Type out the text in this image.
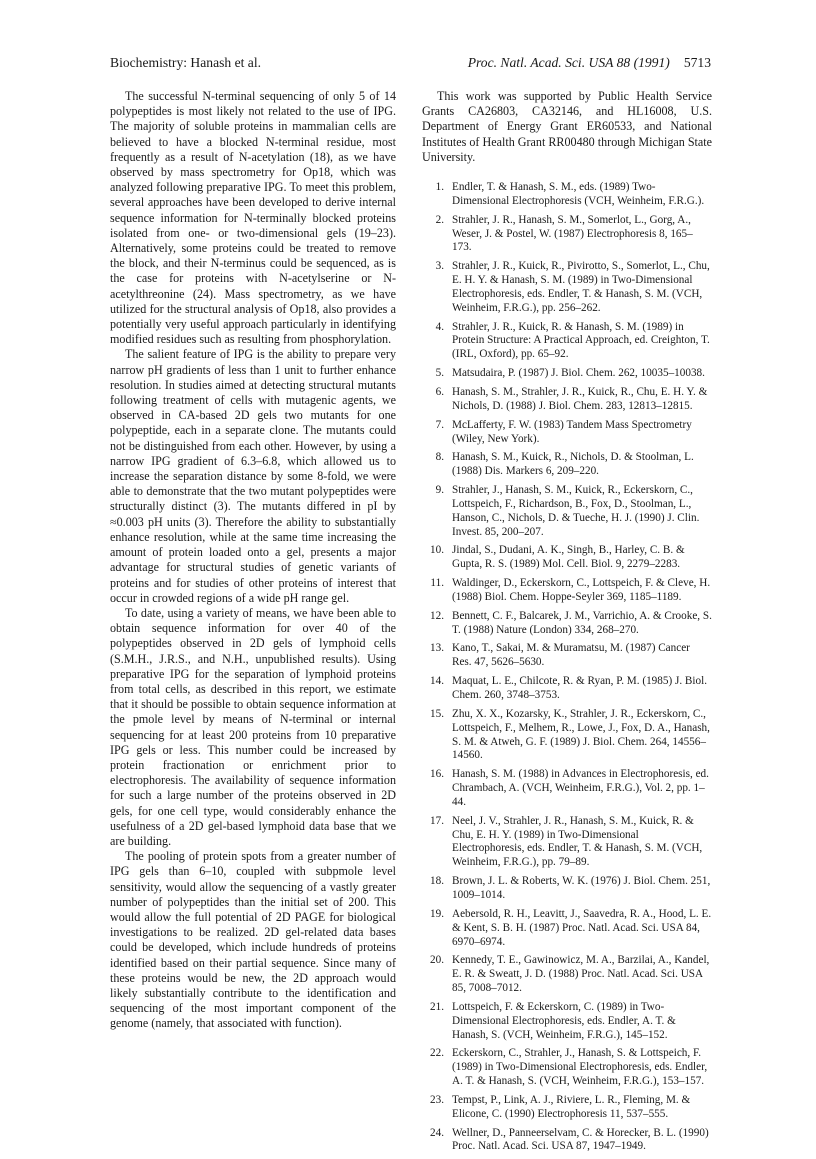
Biochemistry: Hanash et al.	Proc. Natl. Acad. Sci. USA 88 (1991) 5713

The successful N-terminal sequencing of only 5 of 14 polypeptides is most likely not related to the use of IPG. The majority of soluble proteins in mammalian cells are believed to have a blocked N-terminal residue, most frequently as a result of N-acetylation (18), as we have observed by mass spectrometry for Op18, which was analyzed following preparative IPG. To meet this problem, several approaches have been developed to derive internal sequence information for N-terminally blocked proteins isolated from one- or two-dimensional gels (19–23). Alternatively, some proteins could be treated to remove the block, and their N-terminus could be sequenced, as is the case for proteins with N-acetylserine or N-acetylthreonine (24). Mass spectrometry, as we have utilized for the structural analysis of Op18, also provides a potentially very useful approach particularly in identifying modified residues such as resulting from phosphorylation.

The salient feature of IPG is the ability to prepare very narrow pH gradients of less than 1 unit to further enhance resolution. In studies aimed at detecting structural mutants following treatment of cells with mutagenic agents, we observed in CA-based 2D gels two mutants for one polypeptide, each in a separate clone. The mutants could not be distinguished from each other. However, by using a narrow IPG gradient of 6.3–6.8, which allowed us to increase the separation distance by some 8-fold, we were able to demonstrate that the two mutant polypeptides were structurally distinct (3). The mutants differed in pI by ≈0.003 pH units (3). Therefore the ability to substantially enhance resolution, while at the same time increasing the amount of protein loaded onto a gel, presents a major advantage for structural studies of genetic variants of proteins and for studies of other proteins of interest that occur in crowded regions of a wide pH range gel.

To date, using a variety of means, we have been able to obtain sequence information for over 40 of the polypeptides observed in 2D gels of lymphoid cells (S.M.H., J.R.S., and N.H., unpublished results). Using preparative IPG for the separation of lymphoid proteins from total cells, as described in this report, we estimate that it should be possible to obtain sequence information at the pmole level by means of N-terminal or internal sequencing for at least 200 proteins from 10 preparative IPG gels or less. This number could be increased by protein fractionation or enrichment prior to electrophoresis. The availability of sequence information for such a large number of the proteins observed in 2D gels, for one cell type, would considerably enhance the usefulness of a 2D gel-based lymphoid data base that we are building.

The pooling of protein spots from a greater number of IPG gels than 6–10, coupled with subpmole level sensitivity, would allow the sequencing of a vastly greater number of polypeptides than the initial set of 200. This would allow the full potential of 2D PAGE for biological investigations to be realized. 2D gel-related data bases could be developed, which include hundreds of proteins identified based on their partial sequence. Since many of these proteins would be new, the 2D approach would likely substantially contribute to the identification and sequencing of the most important component of the genome (namely, that associated with function).

This work was supported by Public Health Service Grants CA26803, CA32146, and HL16008, U.S. Department of Energy Grant ER60533, and National Institutes of Health Grant RR00480 through Michigan State University.

1. Endler, T. & Hanash, S. M., eds. (1989) Two-Dimensional Electrophoresis (VCH, Weinheim, F.R.G.).
2. Strahler, J. R., Hanash, S. M., Somerlot, L., Gorg, A., Weser, J. & Postel, W. (1987) Electrophoresis 8, 165–173.
3. Strahler, J. R., Kuick, R., Pivirotto, S., Somerlot, L., Chu, E. H. Y. & Hanash, S. M. (1989) in Two-Dimensional Electrophoresis, eds. Endler, T. & Hanash, S. M. (VCH, Weinheim, F.R.G.), pp. 256–262.
4. Strahler, J. R., Kuick, R. & Hanash, S. M. (1989) in Protein Structure: A Practical Approach, ed. Creighton, T. (IRL, Oxford), pp. 65–92.
5. Matsudaira, P. (1987) J. Biol. Chem. 262, 10035–10038.
6. Hanash, S. M., Strahler, J. R., Kuick, R., Chu, E. H. Y. & Nichols, D. (1988) J. Biol. Chem. 283, 12813–12815.
7. McLafferty, F. W. (1983) Tandem Mass Spectrometry (Wiley, New York).
8. Hanash, S. M., Kuick, R., Nichols, D. & Stoolman, L. (1988) Dis. Markers 6, 209–220.
9. Strahler, J., Hanash, S. M., Kuick, R., Eckerskorn, C., Lottspeich, F., Richardson, B., Fox, D., Stoolman, L., Hanson, C., Nichols, D. & Tueche, H. J. (1990) J. Clin. Invest. 85, 200–207.
10. Jindal, S., Dudani, A. K., Singh, B., Harley, C. B. & Gupta, R. S. (1989) Mol. Cell. Biol. 9, 2279–2283.
11. Waldinger, D., Eckerskorn, C., Lottspeich, F. & Cleve, H. (1988) Biol. Chem. Hoppe-Seyler 369, 1185–1189.
12. Bennett, C. F., Balcarek, J. M., Varrichio, A. & Crooke, S. T. (1988) Nature (London) 334, 268–270.
13. Kano, T., Sakai, M. & Muramatsu, M. (1987) Cancer Res. 47, 5626–5630.
14. Maquat, L. E., Chilcote, R. & Ryan, P. M. (1985) J. Biol. Chem. 260, 3748–3753.
15. Zhu, X. X., Kozarsky, K., Strahler, J. R., Eckerskorn, C., Lottspeich, F., Melhem, R., Lowe, J., Fox, D. A., Hanash, S. M. & Atweh, G. F. (1989) J. Biol. Chem. 264, 14556–14560.
16. Hanash, S. M. (1988) in Advances in Electrophoresis, ed. Chrambach, A. (VCH, Weinheim, F.R.G.), Vol. 2, pp. 1–44.
17. Neel, J. V., Strahler, J. R., Hanash, S. M., Kuick, R. & Chu, E. H. Y. (1989) in Two-Dimensional Electrophoresis, eds. Endler, T. & Hanash, S. M. (VCH, Weinheim, F.R.G.), pp. 79–89.
18. Brown, J. L. & Roberts, W. K. (1976) J. Biol. Chem. 251, 1009–1014.
19. Aebersold, R. H., Leavitt, J., Saavedra, R. A., Hood, L. E. & Kent, S. B. H. (1987) Proc. Natl. Acad. Sci. USA 84, 6970–6974.
20. Kennedy, T. E., Gawinowicz, M. A., Barzilai, A., Kandel, E. R. & Sweatt, J. D. (1988) Proc. Natl. Acad. Sci. USA 85, 7008–7012.
21. Lottspeich, F. & Eckerskorn, C. (1989) in Two-Dimensional Electrophoresis, eds. Endler, A. T. & Hanash, S. (VCH, Weinheim, F.R.G.), 145–152.
22. Eckerskorn, C., Strahler, J., Hanash, S. & Lottspeich, F. (1989) in Two-Dimensional Electrophoresis, eds. Endler, A. T. & Hanash, S. (VCH, Weinheim, F.R.G.), 153–157.
23. Tempst, P., Link, A. J., Riviere, L. R., Fleming, M. & Elicone, C. (1990) Electrophoresis 11, 537–555.
24. Wellner, D., Panneerselvam, C. & Horecker, B. L. (1990) Proc. Natl. Acad. Sci. USA 87, 1947–1949.
